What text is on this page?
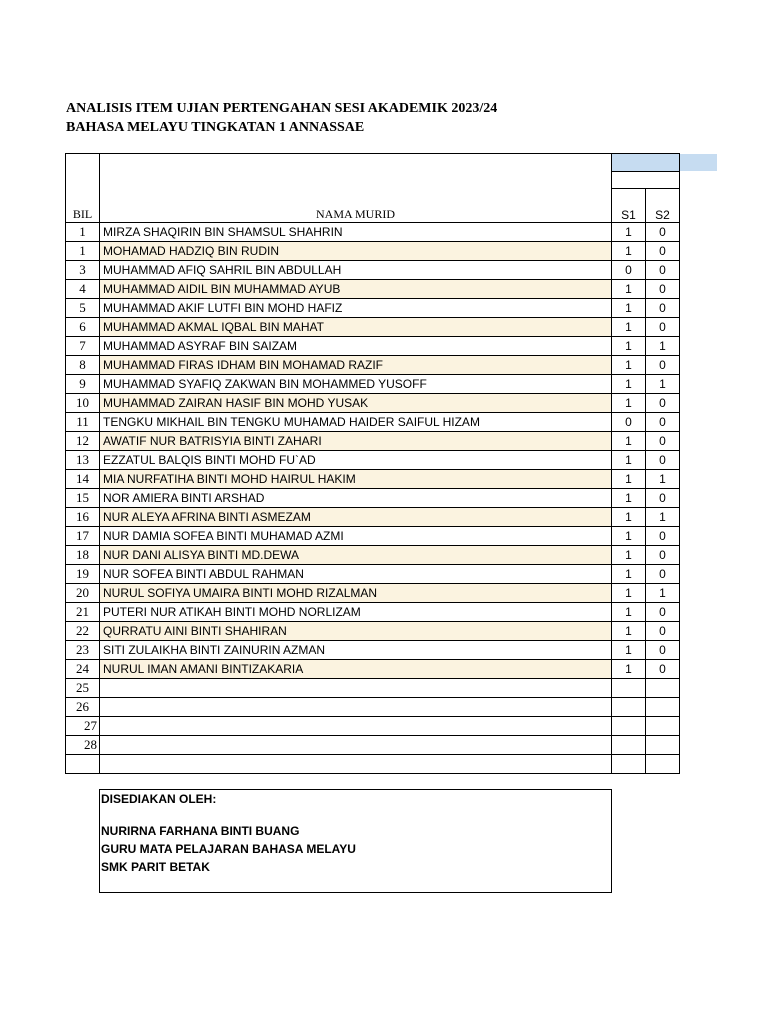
ANALISIS ITEM UJIAN PERTENGAHAN SESI AKADEMIK 2023/24
BAHASA MELAYU TINGKATAN 1 ANNASSAE
BIL	NAMA MURID		

		S1	S2
1	MIRZA SHAQIRIN BIN SHAMSUL SHAHRIN	1	0
1	MOHAMAD HADZIQ BIN RUDIN	1	0
3	MUHAMMAD AFIQ SAHRIL BIN ABDULLAH	0	0
4	MUHAMMAD AIDIL BIN MUHAMMAD AYUB	1	0
5	MUHAMMAD AKIF LUTFI BIN MOHD HAFIZ	1	0
6	MUHAMMAD AKMAL IQBAL BIN MAHAT	1	0
7	MUHAMMAD ASYRAF BIN SAIZAM	1	1
8	MUHAMMAD FIRAS IDHAM BIN MOHAMAD RAZIF	1	0
9	MUHAMMAD SYAFIQ ZAKWAN BIN MOHAMMED YUSOFF	1	1
10	MUHAMMAD ZAIRAN HASIF BIN MOHD YUSAK	1	0
11	TENGKU MIKHAIL BIN TENGKU MUHAMAD HAIDER SAIFUL HIZAM	0	0
12	AWATIF NUR BATRISYIA BINTI ZAHARI	1	0
13	EZZATUL BALQIS BINTI MOHD FU`AD	1	0
14	MIA NURFATIHA BINTI MOHD HAIRUL HAKIM	1	1
15	NOR AMIERA BINTI ARSHAD	1	0
16	NUR ALEYA AFRINA BINTI ASMEZAM	1	1
17	NUR DAMIA SOFEA BINTI MUHAMAD AZMI	1	0
18	NUR DANI ALISYA BINTI MD.DEWA	1	0
19	NUR SOFEA BINTI ABDUL RAHMAN	1	0
20	NURUL SOFIYA UMAIRA BINTI MOHD RIZALMAN	1	1
21	PUTERI NUR ATIKAH BINTI MOHD NORLIZAM	1	0
22	QURRATU AINI BINTI SHAHIRAN	1	0
23	SITI ZULAIKHA BINTI ZAINURIN AZMAN	1	0
24	NURUL IMAN AMANI BINTIZAKARIA	1	0
25			
26			
27			
28			

DISEDIAKAN OLEH:
NURIRNA FARHANA BINTI BUANG
GURU MATA PELAJARAN BAHASA MELAYU
SMK PARIT BETAK
